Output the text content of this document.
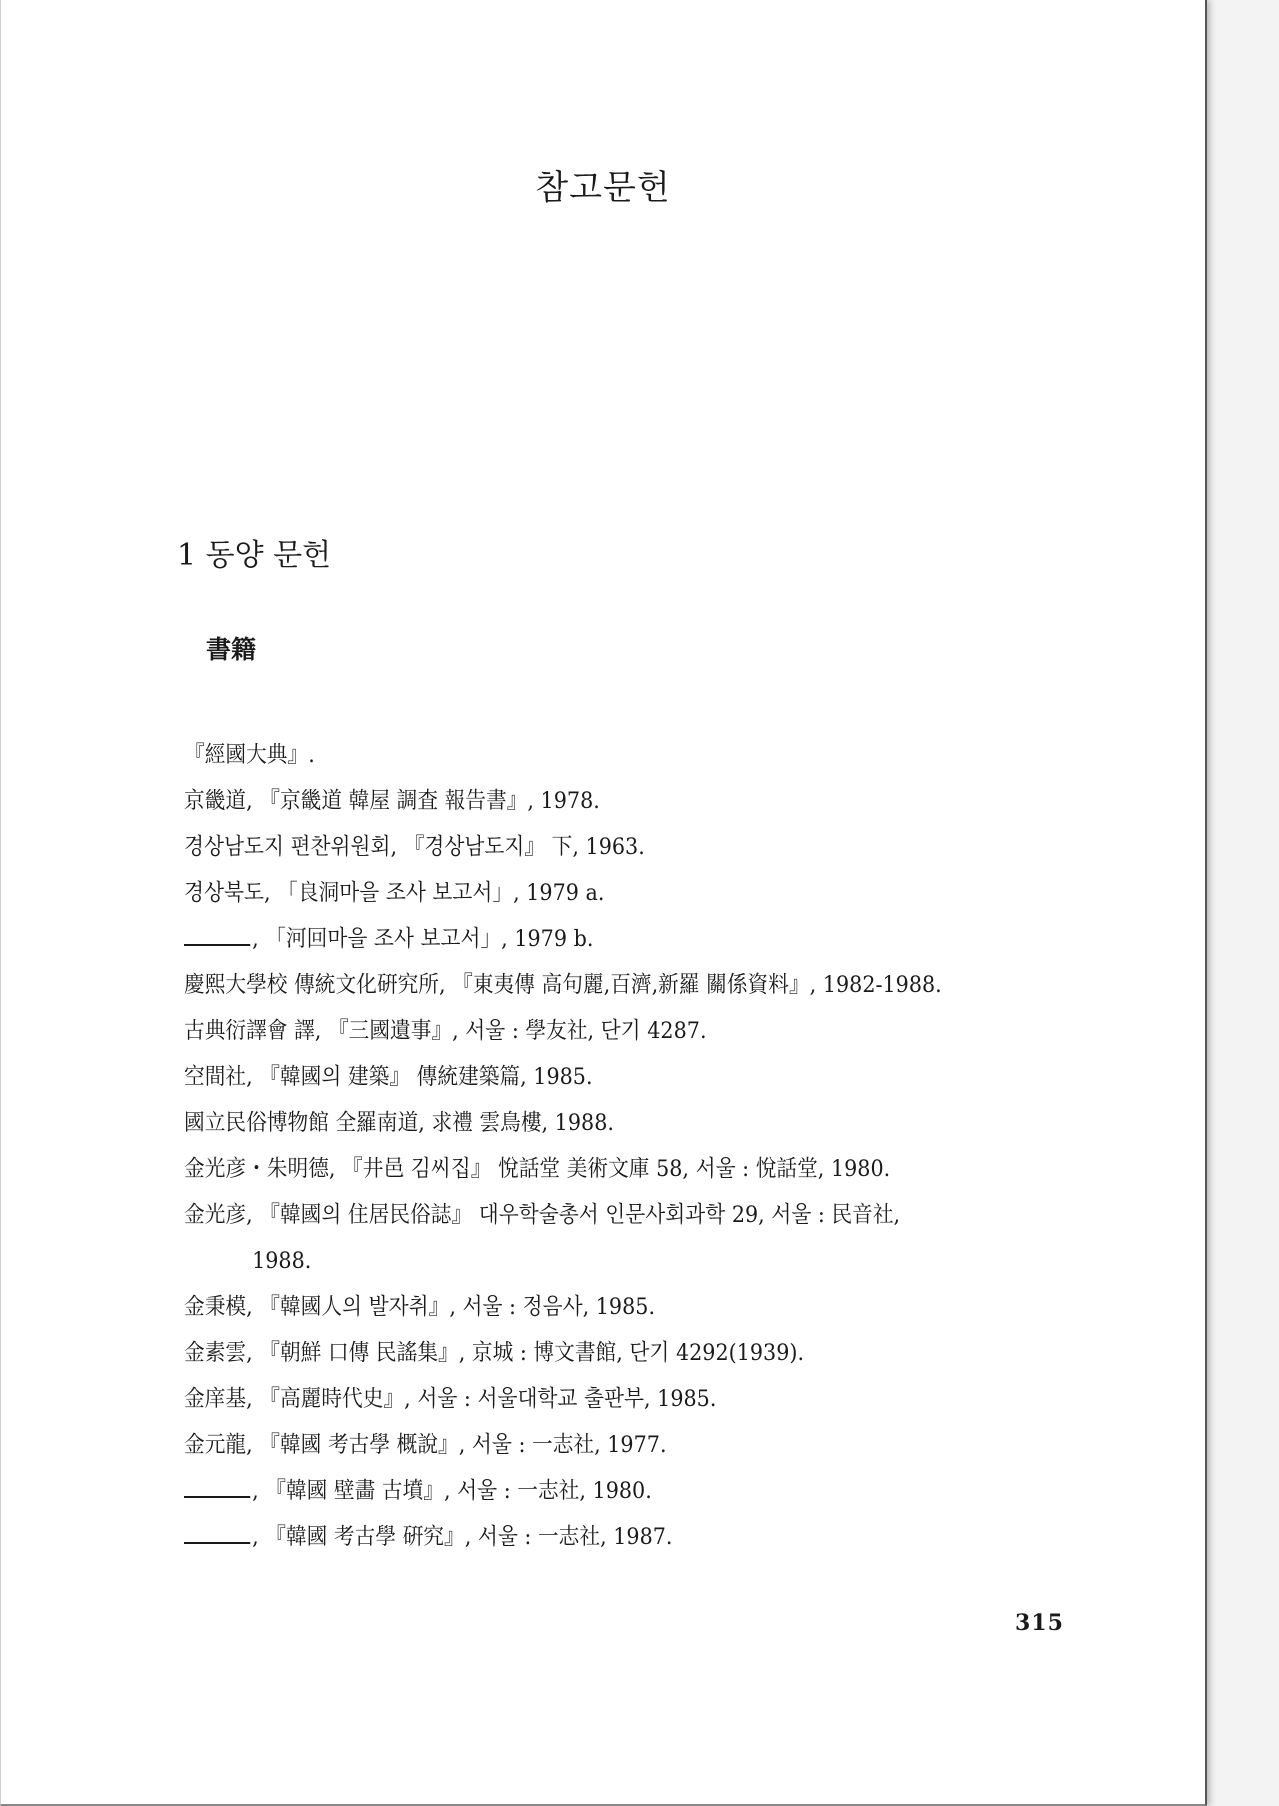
참고문헌
1 동양 문헌
書籍
『經國大典』.
京畿道, 『京畿道 韓屋 調査 報告書』, 1978.
경상남도지 편찬위원회, 『경상남도지』 下, 1963.
경상북도, 「良洞마을 조사 보고서」, 1979 a.
, 「河回마을 조사 보고서」, 1979 b.
慶熙大學校 傳統文化硏究所, 『東夷傳 高句麗,百濟,新羅 關係資料』, 1982-1988.
古典衍譯會 譯, 『三國遺事』, 서울 : 學友社, 단기 4287.
空間社, 『韓國의 建築』 傳統建築篇, 1985.
國立民俗博物館 全羅南道, 求禮 雲鳥樓, 1988.
金光彦・朱明德, 『井邑 김씨집』 悅話堂 美術文庫 58, 서울 : 悅話堂, 1980.
金光彦, 『韓國의 住居民俗誌』 대우학술총서 인문사회과학 29, 서울 : 民音社,
1988.
金秉模, 『韓國人의 발자취』, 서울 : 정음사, 1985.
金素雲, 『朝鮮 口傳 民謠集』, 京城 : 博文書館, 단기 4292(1939).
金庠基, 『高麗時代史』, 서울 : 서울대학교 출판부, 1985.
金元龍, 『韓國 考古學 概說』, 서울 : 一志社, 1977.
, 『韓國 壁畵 古墳』, 서울 : 一志社, 1980.
, 『韓國 考古學 硏究』, 서울 : 一志社, 1987.
315
